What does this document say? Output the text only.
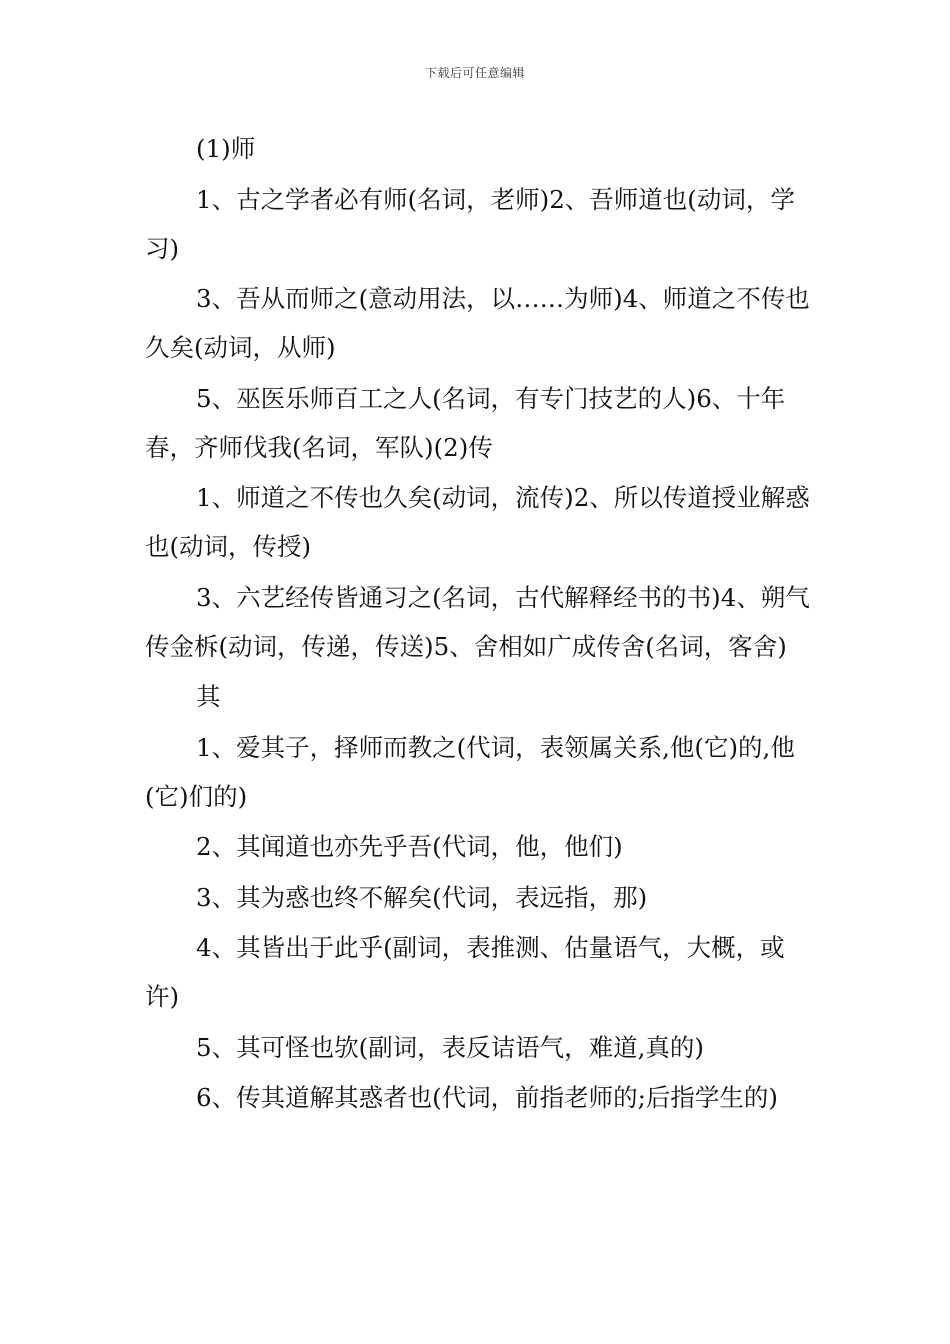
下载后可任意编辑

(1)师

1、古之学者必有师(名词，老师)2、吾师道也(动词，学习)

3、吾从而师之(意动用法，以……为师)4、师道之不传也久矣(动词，从师)

5、巫医乐师百工之人(名词，有专门技艺的人)6、十年春，齐师伐我(名词，军队)(2)传

1、师道之不传也久矣(动词，流传)2、所以传道授业解惑也(动词，传授)

3、六艺经传皆通习之(名词，古代解释经书的书)4、朔气传金柝(动词，传递，传送)5、舍相如广成传舍(名词，客舍)

其

1、爱其子，择师而教之(代词，表领属关系,他(它)的,他(它)们的)

2、其闻道也亦先乎吾(代词，他，他们)

3、其为惑也终不解矣(代词，表远指，那)

4、其皆出于此乎(副词，表推测、估量语气，大概，或许)

5、其可怪也欤(副词，表反诘语气，难道,真的)

6、传其道解其惑者也(代词，前指老师的;后指学生的)
